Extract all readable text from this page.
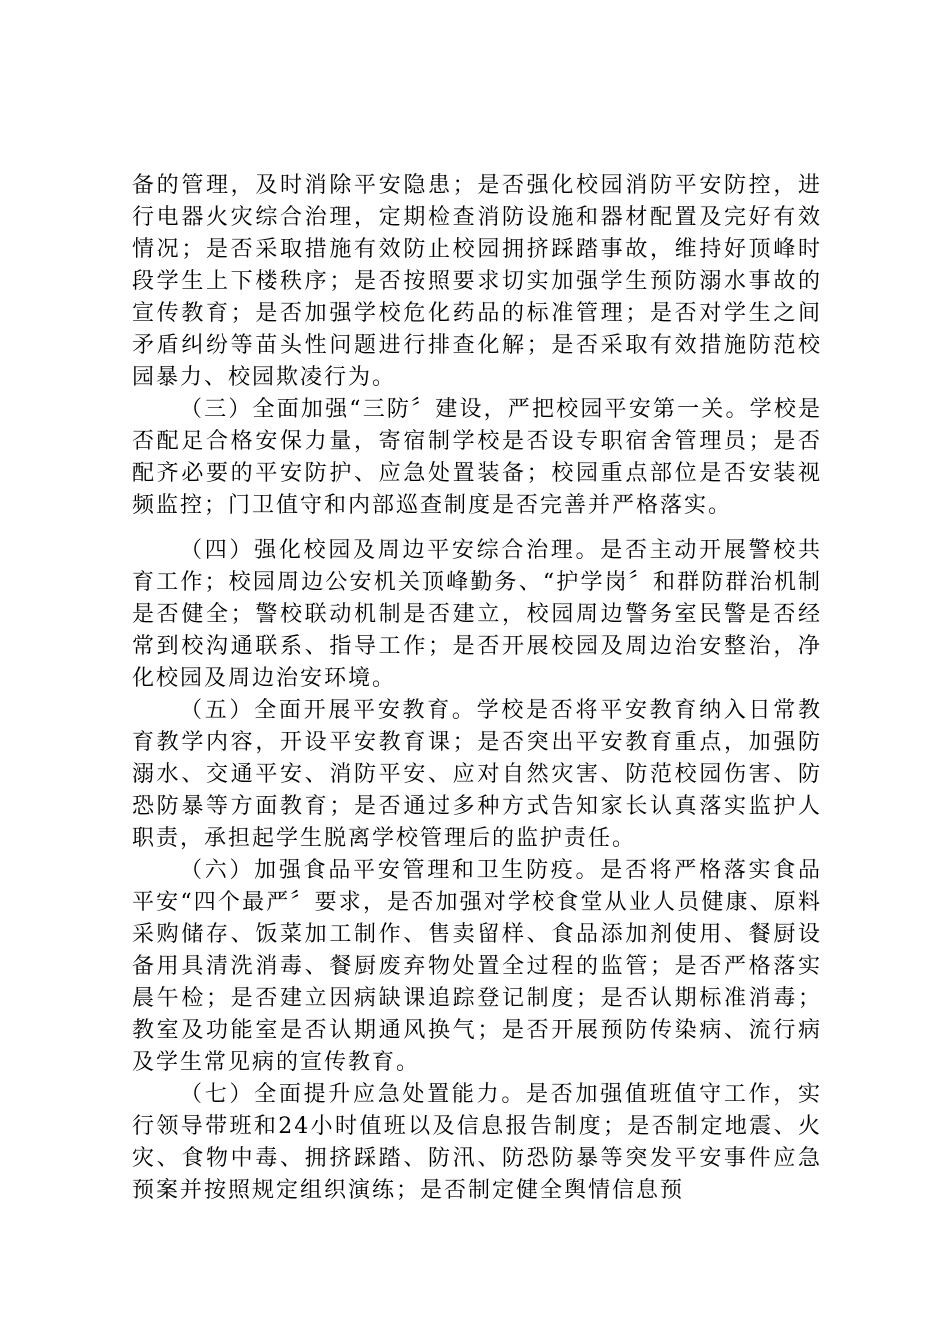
备的管理，及时消除平安隐患；是否强化校园消防平安防控，进行电器火灾综合治理，定期检查消防设施和器材配置及完好有效情况；是否采取措施有效防止校园拥挤踩踏事故，维持好顶峰时段学生上下楼秩序；是否按照要求切实加强学生预防溺水事故的宣传教育；是否加强学校危化药品的标准管理；是否对学生之间矛盾纠纷等苗头性问题进行排查化解；是否采取有效措施防范校园暴力、校园欺凌行为。

（三）全面加强“三防〞建设，严把校园平安第一关。学校是否配足合格安保力量，寄宿制学校是否设专职宿舍管理员；是否配齐必要的平安防护、应急处置装备；校园重点部位是否安装视频监控；门卫值守和内部巡查制度是否完善并严格落实。

（四）强化校园及周边平安综合治理。是否主动开展警校共育工作；校园周边公安机关顶峰勤务、“护学岗〞和群防群治机制是否健全；警校联动机制是否建立，校园周边警务室民警是否经常到校沟通联系、指导工作；是否开展校园及周边治安整治，净化校园及周边治安环境。

（五）全面开展平安教育。学校是否将平安教育纳入日常教育教学内容，开设平安教育课；是否突出平安教育重点，加强防溺水、交通平安、消防平安、应对自然灾害、防范校园伤害、防恐防暴等方面教育；是否通过多种方式告知家长认真落实监护人职责，承担起学生脱离学校管理后的监护责任。

（六）加强食品平安管理和卫生防疫。是否将严格落实食品平安“四个最严〞要求，是否加强对学校食堂从业人员健康、原料采购储存、饭菜加工制作、售卖留样、食品添加剂使用、餐厨设备用具清洗消毒、餐厨废弃物处置全过程的监管；是否严格落实晨午检；是否建立因病缺课追踪登记制度；是否认期标准消毒；教室及功能室是否认期通风换气；是否开展预防传染病、流行病及学生常见病的宣传教育。

（七）全面提升应急处置能力。是否加强值班值守工作，实行领导带班和24小时值班以及信息报告制度；是否制定地震、火灾、食物中毒、拥挤踩踏、防汛、防恐防暴等突发平安事件应急预案并按照规定组织演练；是否制定健全舆情信息预
